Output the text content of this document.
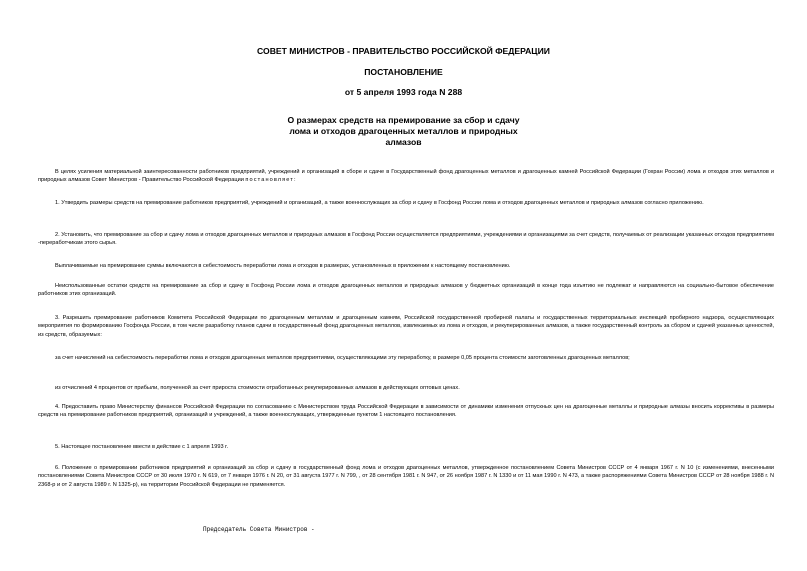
СОВЕТ МИНИСТРОВ - ПРАВИТЕЛЬСТВО РОССИЙСКОЙ ФЕДЕРАЦИИ
ПОСТАНОВЛЕНИЕ
от 5 апреля 1993 года N 288
О размерах средств на премирование за сбор и сдачу
лома и отходов драгоценных металлов и природных
алмазов
В целях усиления материальной заинтересованности работников предприятий, учреждений и организаций в сборе и сдаче в Государственный фонд драгоценных металлов и драгоценных камней Российской Федерации (Гохран России) лома и отходов этих металлов и природных алмазов Совет Министров - Правительство Российской Федерации постановляет:
1. Утвердить размеры средств на премирование работников предприятий, учреждений и организаций, а также военнослужащих за сбор и сдачу в Госфонд России лома и отходов драгоценных металлов и природных алмазов согласно приложению.
2. Установить, что премирование за сбор и сдачу лома и отходов драгоценных металлов и природных алмазов в Госфонд России осуществляется предприятиями, учреждениями и организациями за счет средств, получаемых от реализации указанных отходов предприятиям -переработчикам этого сырья.
Выплачиваемые на премирование суммы включаются в себестоимость переработки лома и отходов в размерах, установленных в приложении к настоящему постановлению.
Неиспользованные остатки средств на премирование за сбор и сдачу в Госфонд России лома и отходов драгоценных металлов и природных алмазов у бюджетных организаций в конце года изъятию не подлежат и направляются на социально-бытовое обеспечение работников этих организаций.
3. Разрешить премирование работников Комитета Российской Федерации по драгоценным металлам и драгоценным камням, Российской государственной пробирной палаты и государственных территориальных инспекций пробирного надзора, осуществляющих мероприятия по формированию Госфонда России, в том числе разработку планов сдачи в государственный фонд драгоценных металлов, извлекаемых из лома и отходов, и рекуперированных алмазов, а также государственный контроль за сбором и сдачей указанных ценностей, из средств, образуемых:
за счет начислений на себестоимость переработки лома и отходов драгоценных металлов предприятиями, осуществляющими эту переработку, в размере 0,05 процента стоимости заготовленных драгоценных металлов;
из отчислений 4 процентов от прибыли, полученной за счет прироста стоимости отработанных рекуперированных алмазов в действующих оптовых ценах.
4. Предоставить право Министерству финансов Российской Федерации по согласованию с Министерством труда Российской Федерации в зависимости от динамики изменения отпускных цен на драгоценные металлы и природные алмазы вносить коррективы в размеры средств на премирование работников предприятий, организаций и учреждений, а также военнослужащих, утвержденные пунктом 1 настоящего постановления.
5. Настоящее постановление ввести в действие с 1 апреля 1993 г.
6. Положение о премировании работников предприятий и организаций за сбор и сдачу в государственный фонд лома и отходов драгоценных металлов, утвержденное постановлением Совета Министров СССР от 4 января 1967 г. N 10 (с изменениями, внесенными постановлениями Совета Министров СССР от 30 июля 1970 г. N 619, от 7 января 1976 г. N 20, от 31 августа 1977 г. N 799, , от 28 сентября 1981 г. N 947, от 26 ноября 1987 г. N 1330 и от 11 мая 1990 г. N 473, а также распоряжениями Совета Министров СССР от 28 ноября 1988 г. N 2368-р и от 2 августа 1989 г. N 1325-р), на территории Российской Федерации не применяется.
Председатель Совета Министров -
